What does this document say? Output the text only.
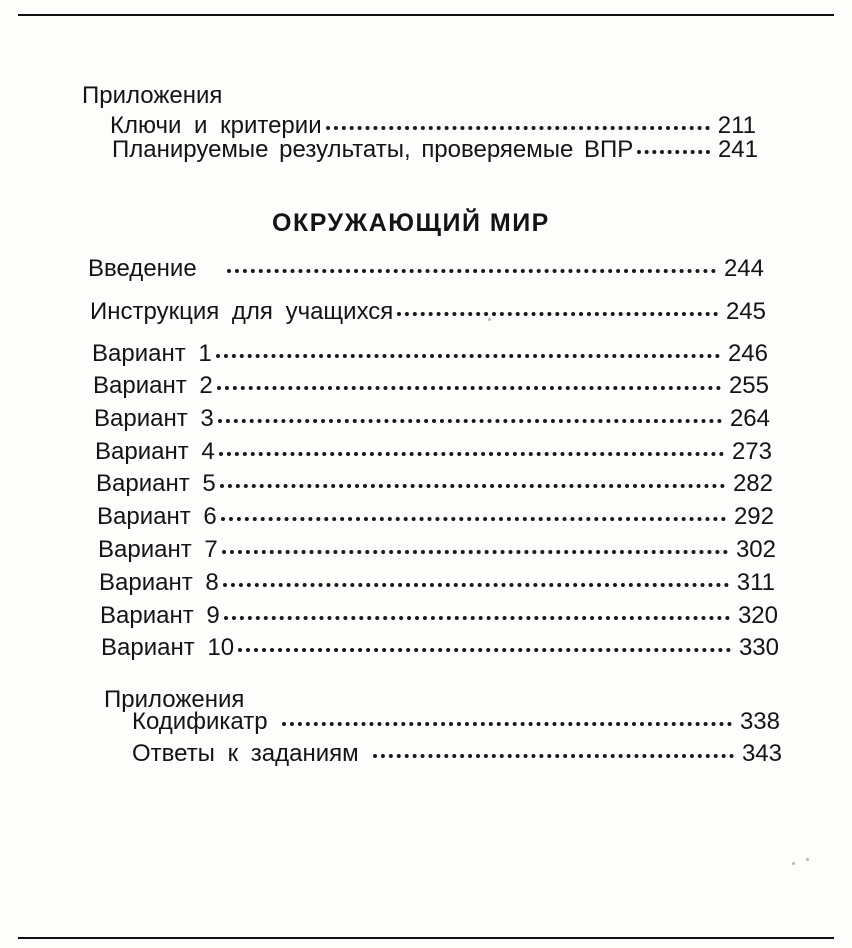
Приложения
Ключи и критерии	211
Планируемые результаты, проверяемые ВПР	241
ОКРУЖАЮЩИЙ МИР
Введение	244
Инструкция для учащихся	245
Вариант 1	246
Вариант 2	255
Вариант 3	264
Вариант 4	273
Вариант 5	282
Вариант 6	292
Вариант 7	302
Вариант 8	311
Вариант 9	320
Вариант 10	330
Приложения
Кодификатр	338
Ответы к заданиям	343
